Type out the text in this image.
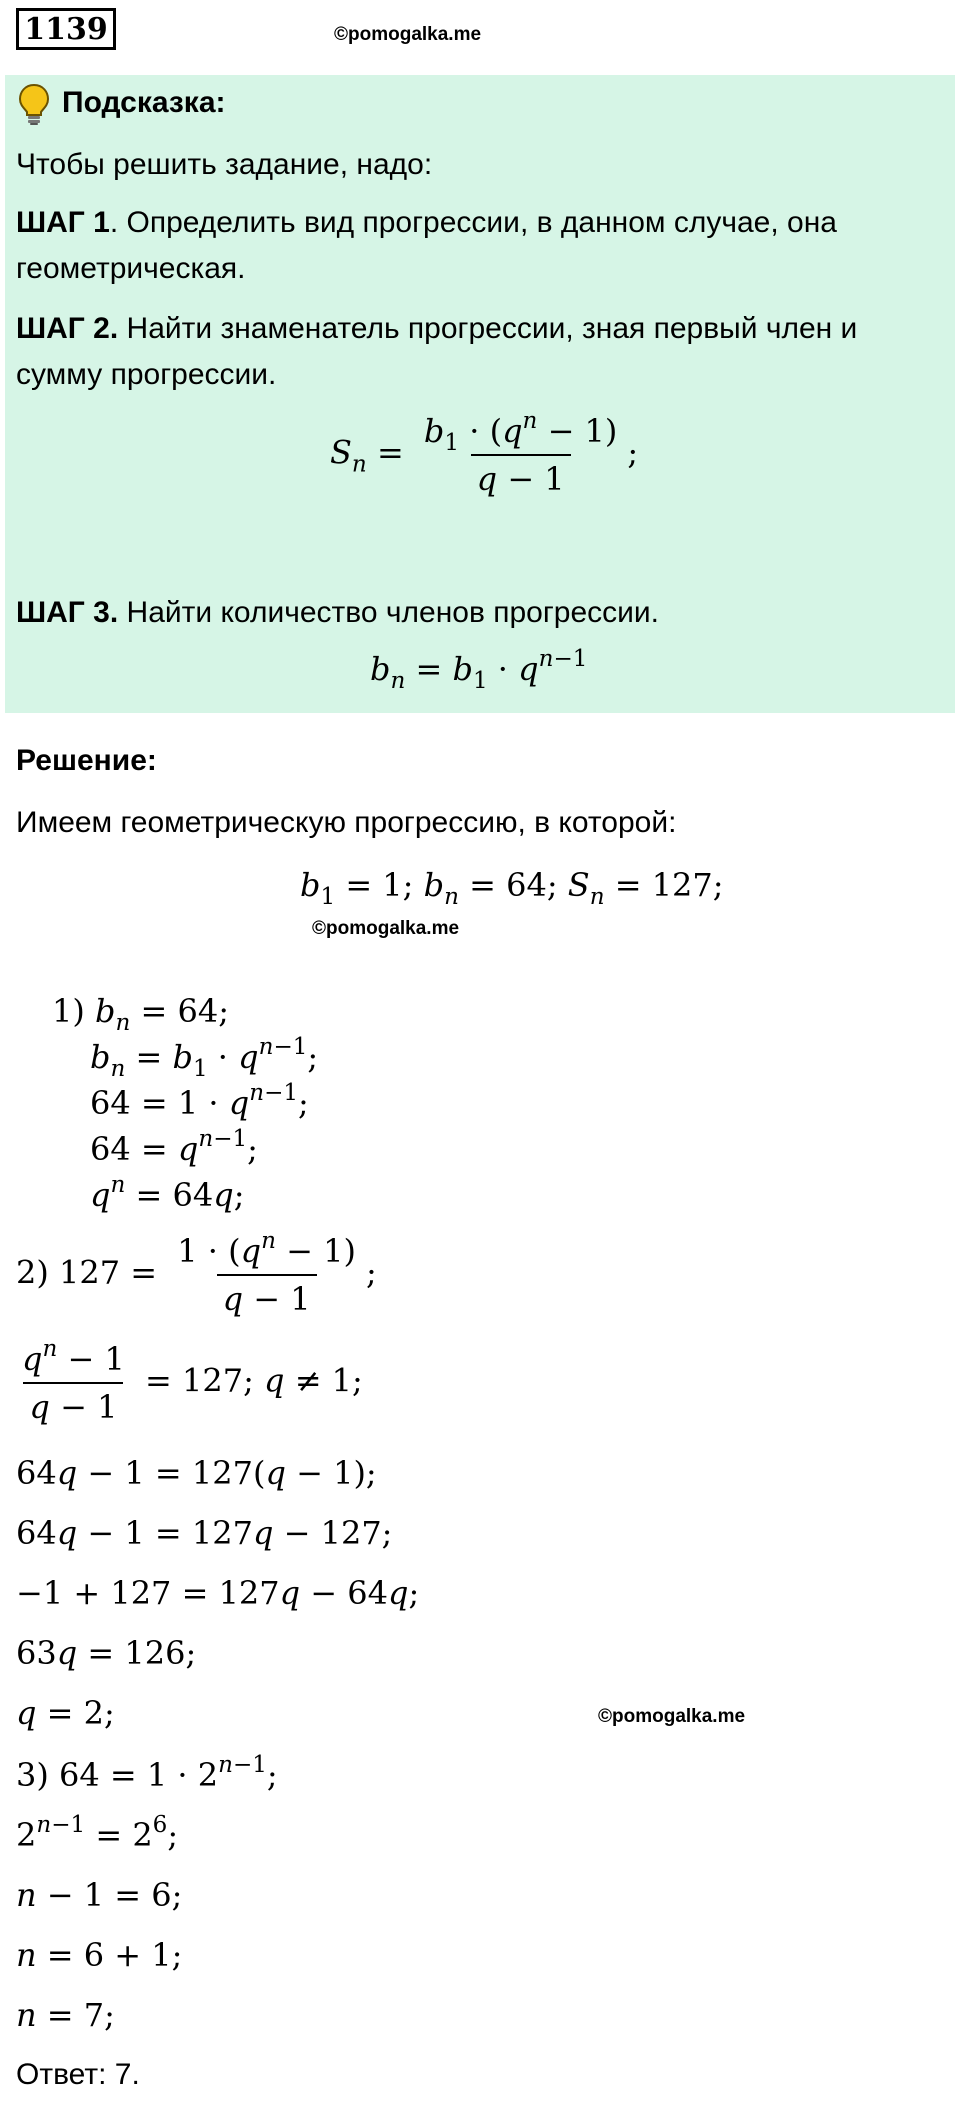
1139	©pomogalka.me
Подсказка:
Чтобы решить задание, надо:
ШАГ 1. Определить вид прогрессии, в данном случае, она
геометрическая.
ШАГ 2. Найти знаменатель прогрессии, зная первый член и
сумму прогрессии.
$S_n = \frac{b_1 \cdot (q^n - 1)}{q - 1}$ ;
ШАГ 3. Найти количество членов прогрессии.
$b_n = b_1 \cdot q^{n-1}$
Решение:
Имеем геометрическую прогрессию, в которой:
$b_1 = 1$; $b_n = 64$; $S_n = 127$;
©pomogalka.me
1) $b_n = 64$;
$b_n = b_1 \cdot q^{n-1}$;
$64 = 1 \cdot q^{n-1}$;
$64 = q^{n-1}$;
$q^n = 64q$;
2) $127 = \frac{1 \cdot (q^n - 1)}{q - 1}$ ;
$\frac{q^n - 1}{q - 1} = 127$; q ≠ 1;
64q − 1 = 127(q − 1);
64q − 1 = 127q − 127;
−1 + 127 = 127q − 64q;
63q = 126;
q = 2;	©pomogalka.me
3) $64 = 1 \cdot 2^{n-1}$;
$2^{n-1} = 2^6$;
n − 1 = 6;
n = 6 + 1;
n = 7;
Ответ: 7.
